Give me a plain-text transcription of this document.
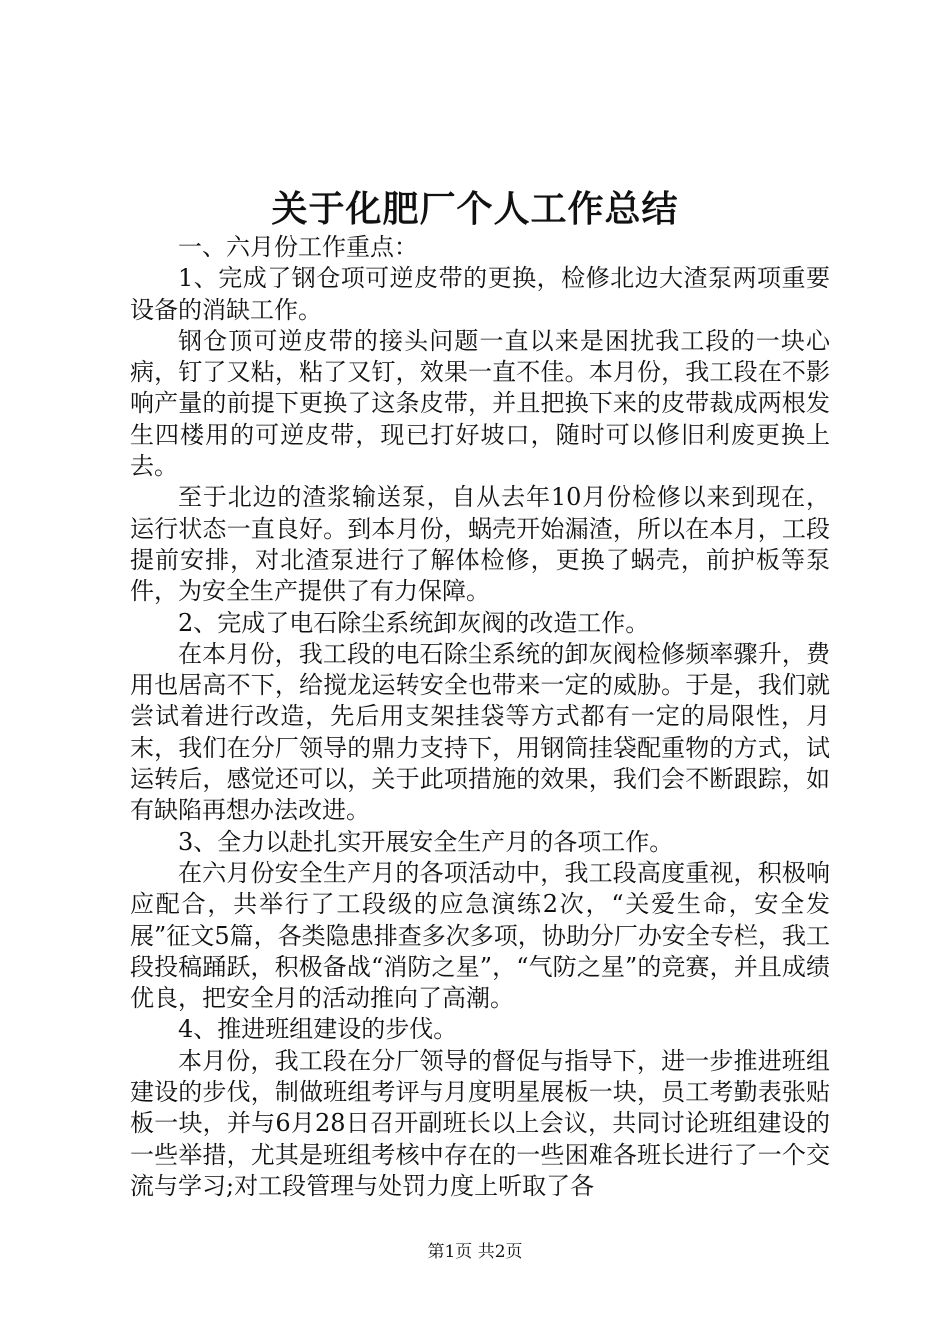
关于化肥厂个人工作总结

一、六月份工作重点：

1、完成了钢仓项可逆皮带的更换，检修北边大渣泵两项重要设备的消缺工作。

钢仓顶可逆皮带的接头问题一直以来是困扰我工段的一块心病，钉了又粘，粘了又钉，效果一直不佳。本月份，我工段在不影响产量的前提下更换了这条皮带，并且把换下来的皮带裁成两根发生四楼用的可逆皮带，现已打好坡口，随时可以修旧利废更换上去。

至于北边的渣浆输送泵，自从去年10月份检修以来到现在，运行状态一直良好。到本月份，蜗壳开始漏渣，所以在本月，工段提前安排，对北渣泵进行了解体检修，更换了蜗壳，前护板等泵件，为安全生产提供了有力保障。

2、完成了电石除尘系统卸灰阀的改造工作。

在本月份，我工段的电石除尘系统的卸灰阀检修频率骤升，费用也居高不下，给搅龙运转安全也带来一定的威胁。于是，我们就尝试着进行改造，先后用支架挂袋等方式都有一定的局限性，月末，我们在分厂领导的鼎力支持下，用钢筒挂袋配重物的方式，试运转后，感觉还可以，关于此项措施的效果，我们会不断跟踪，如有缺陷再想办法改进。

3、全力以赴扎实开展安全生产月的各项工作。

在六月份安全生产月的各项活动中，我工段高度重视，积极响应配合，共举行了工段级的应急演练2次，“关爱生命，安全发展”征文5篇，各类隐患排查多次多项，协助分厂办安全专栏，我工段投稿踊跃，积极备战“消防之星”，“气防之星”的竞赛，并且成绩优良，把安全月的活动推向了高潮。

4、推进班组建设的步伐。

本月份，我工段在分厂领导的督促与指导下，进一步推进班组建设的步伐，制做班组考评与月度明星展板一块，员工考勤表张贴板一块，并与6月28日召开副班长以上会议，共同讨论班组建设的一些举措，尤其是班组考核中存在的一些困难各班长进行了一个交流与学习;对工段管理与处罚力度上听取了各

第1页 共2页
